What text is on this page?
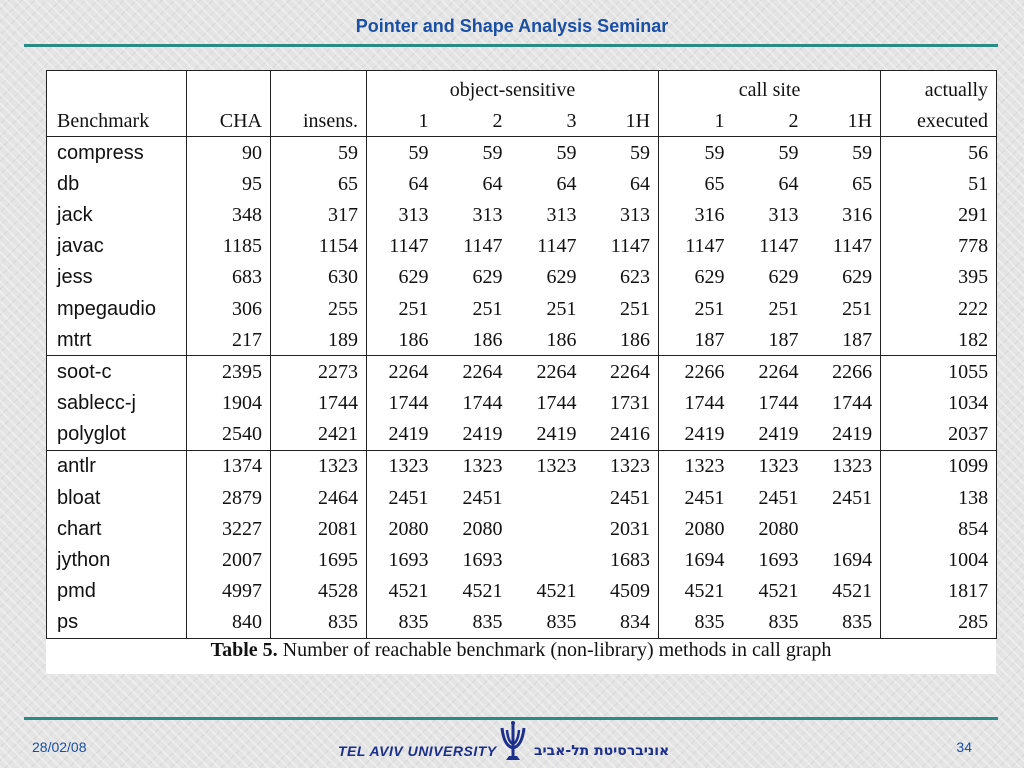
Pointer and Shape Analysis Seminar
			object-sensitive				call site			actually
Benchmark	CHA	insens.	1	2	3	1H	1	2	1H	executed
compress	90	59	59	59	59	59	59	59	59	56
db	95	65	64	64	64	64	65	64	65	51
jack	348	317	313	313	313	313	316	313	316	291
javac	1185	1154	1147	1147	1147	1147	1147	1147	1147	778
jess	683	630	629	629	629	623	629	629	629	395
mpegaudio	306	255	251	251	251	251	251	251	251	222
mtrt	217	189	186	186	186	186	187	187	187	182
soot-c	2395	2273	2264	2264	2264	2264	2266	2264	2266	1055
sablecc-j	1904	1744	1744	1744	1744	1731	1744	1744	1744	1034
polyglot	2540	2421	2419	2419	2419	2416	2419	2419	2419	2037
antlr	1374	1323	1323	1323	1323	1323	1323	1323	1323	1099
bloat	2879	2464	2451	2451		2451	2451	2451	2451	138
chart	3227	2081	2080	2080		2031	2080	2080		854
jython	2007	1695	1693	1693		1683	1694	1693	1694	1004
pmd	4997	4528	4521	4521	4521	4509	4521	4521	4521	1817
ps	840	835	835	835	835	834	835	835	835	285
Table 5. Number of reachable benchmark (non-library) methods in call graph
28/02/08	TEL AVIV UNIVERSITY	אוניברסיטת תל-אביב	34
